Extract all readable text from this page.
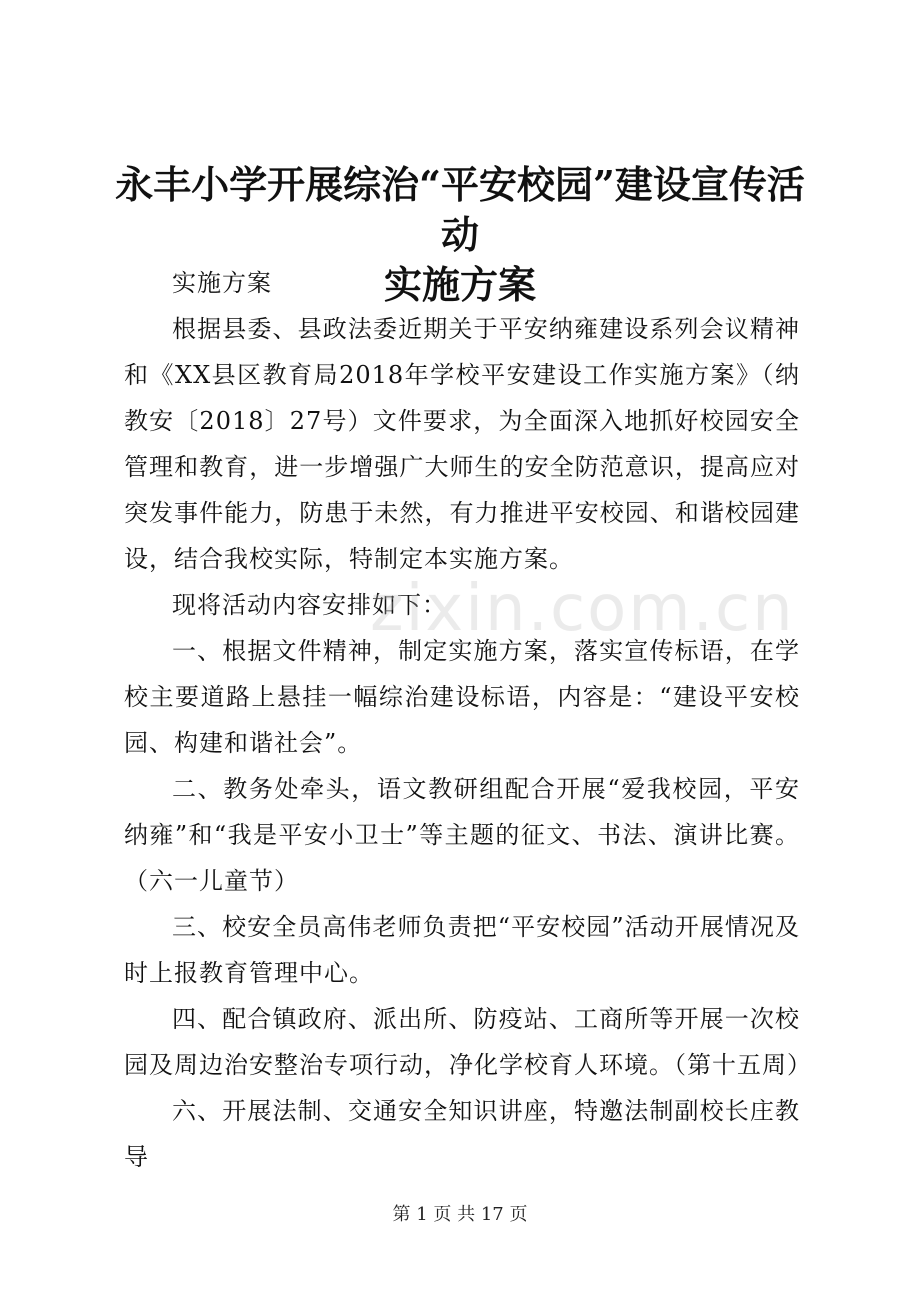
永丰小学开展综治“平安校园”建设宣传活动
实施方案

实施方案

根据县委、县政法委近期关于平安纳雍建设系列会议精神和《XX县区教育局2018年学校平安建设工作实施方案》（纳教安〔2018〕27号）文件要求，为全面深入地抓好校园安全管理和教育，进一步增强广大师生的安全防范意识，提高应对突发事件能力，防患于未然，有力推进平安校园、和谐校园建设，结合我校实际，特制定本实施方案。

现将活动内容安排如下：

一、根据文件精神，制定实施方案，落实宣传标语，在学校主要道路上悬挂一幅综治建设标语，内容是：“建设平安校园、构建和谐社会”。

二、教务处牵头，语文教研组配合开展“爱我校园，平安纳雍”和“我是平安小卫士”等主题的征文、书法、演讲比赛。（六一儿童节）

三、校安全员高伟老师负责把“平安校园”活动开展情况及时上报教育管理中心。

四、配合镇政府、派出所、防疫站、工商所等开展一次校园及周边治安整治专项行动，净化学校育人环境。（第十五周）

六、开展法制、交通安全知识讲座，特邀法制副校长庄教导

zixin.com.cn
第 1 页 共 17 页
